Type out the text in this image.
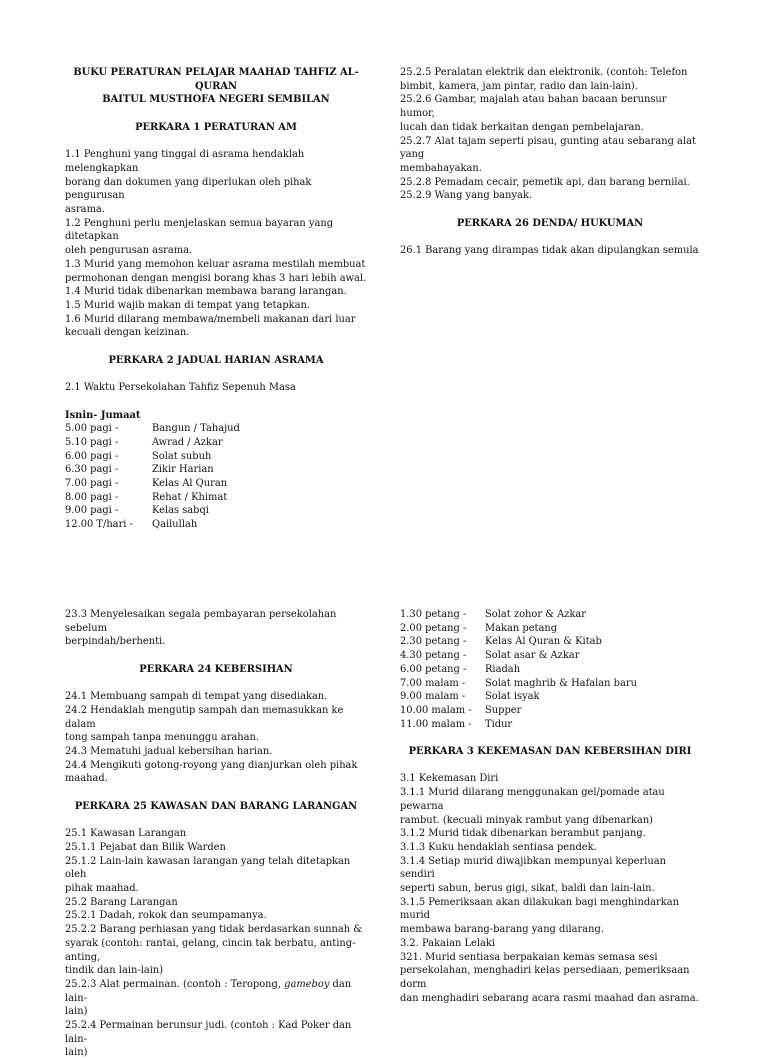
BUKU PERATURAN PELAJAR MAAHAD TAHFIZ AL-QURAN

BAITUL MUSTHOFA NEGERI SEMBILAN

PERKARA 1 PERATURAN AM

1.1 Penghuni yang tinggal di asrama hendaklah melengkapkan

borang dan dokumen yang diperlukan oleh pihak pengurusan

asrama.

1.2 Penghuni perlu menjelaskan semua bayaran yang ditetapkan

oleh pengurusan asrama.

1.3 Murid yang memohon keluar asrama mestilah membuat

permohonan dengan mengisi borang khas 3 hari lebih awal.

1.4 Murid tidak dibenarkan membawa barang larangan.

1.5 Murid wajib makan di tempat yang tetapkan.

1.6 Murid dilarang membawa/membeli makanan dari luar

kecuali dengan keizinan.

PERKARA 2 JADUAL HARIAN ASRAMA

2.1 Waktu Persekolahan Tahfiz Sepenuh Masa

Isnin- Jumaat

5.00 pagi -	Bangun / Tahajud
5.10 pagi -	Awrad / Azkar
6.00 pagi -	Solat subuh
6.30 pagi -	Zikir Harian
7.00 pagi -	Kelas Al Quran
8.00 pagi -	Rehat / Khimat
9.00 pagi -	Kelas sabqi
12.00 T/hari -	Qailullah

25.2.5 Peralatan elektrik dan elektronik. (contoh: Telefon

bimbit, kamera, jam pintar, radio dan lain-lain).

25.2.6 Gambar, majalah atau bahan bacaan berunsur humor,

lucah dan tidak berkaitan dengan pembelajaran.

25.2.7 Alat tajam seperti pisau, gunting atau sebarang alat yang

membahayakan.

25.2.8 Pemadam cecair, pemetik api, dan barang bernilai.

25.2.9 Wang yang banyak.

PERKARA 26 DENDA/ HUKUMAN

26.1 Barang yang dirampas tidak akan dipulangkan semula

23.3 Menyelesaikan segala pembayaran persekolahan sebelum

berpindah/berhenti.

PERKARA 24 KEBERSIHAN

24.1 Membuang sampah di tempat yang disediakan.

24.2 Hendaklah mengutip sampah dan memasukkan ke dalam

tong sampah tanpa menunggu arahan.

24.3 Mematuhi jadual kebersihan harian.

24.4 Mengikuti gotong-royong yang dianjurkan oleh pihak

maahad.

PERKARA 25 KAWASAN DAN BARANG LARANGAN

25.1 Kawasan Larangan

25.1.1 Pejabat dan Bilik Warden

25.1.2 Lain-lain kawasan larangan yang telah ditetapkan oleh

pihak maahad.

25.2 Barang Larangan

25.2.1 Dadah, rokok dan seumpamanya.

25.2.2 Barang perhiasan yang tidak berdasarkan sunnah &

syarak (contoh: rantai, gelang, cincin tak berbatu, anting-anting,

tindik dan lain-lain)

25.2.3 Alat permainan. (contoh : Teropong, gameboy dan lain-

lain)

25.2.4 Permainan berunsur judi. (contoh : Kad Poker dan lain-

lain)

1.30 petang -	Solat zohor & Azkar
2.00 petang -	Makan petang
2.30 petang -	Kelas Al Quran & Kitab
4.30 petang -	Solat asar & Azkar
6.00 petang -	Riadah
7.00 malam -	Solat maghrib & Hafalan baru
9.00 malam -	Solat isyak
10.00 malam -	Supper
11.00 malam -	Tidur

PERKARA 3 KEKEMASAN DAN KEBERSIHAN DIRI

3.1 Kekemasan Diri

3.1.1 Murid dilarang menggunakan gel/pomade atau pewarna

rambut. (kecuali minyak rambut yang dibenarkan)

3.1.2 Murid tidak dibenarkan berambut panjang.

3.1.3 Kuku hendaklah sentiasa pendek.

3.1.4 Setiap murid diwajibkan mempunyai keperluan sendiri

seperti sabun, berus gigi, sikat, baldi dan lain-lain.

3.1.5 Pemeriksaan akan dilakukan bagi menghindarkan murid

membawa barang-barang yang dilarang.

3.2. Pakaian Lelaki

321. Murid sentiasa berpakaian kemas semasa sesi

persekolahan, menghadiri kelas persediaan, pemeriksaan dorm

dan menghadiri sebarang acara rasmi maahad dan asrama.
